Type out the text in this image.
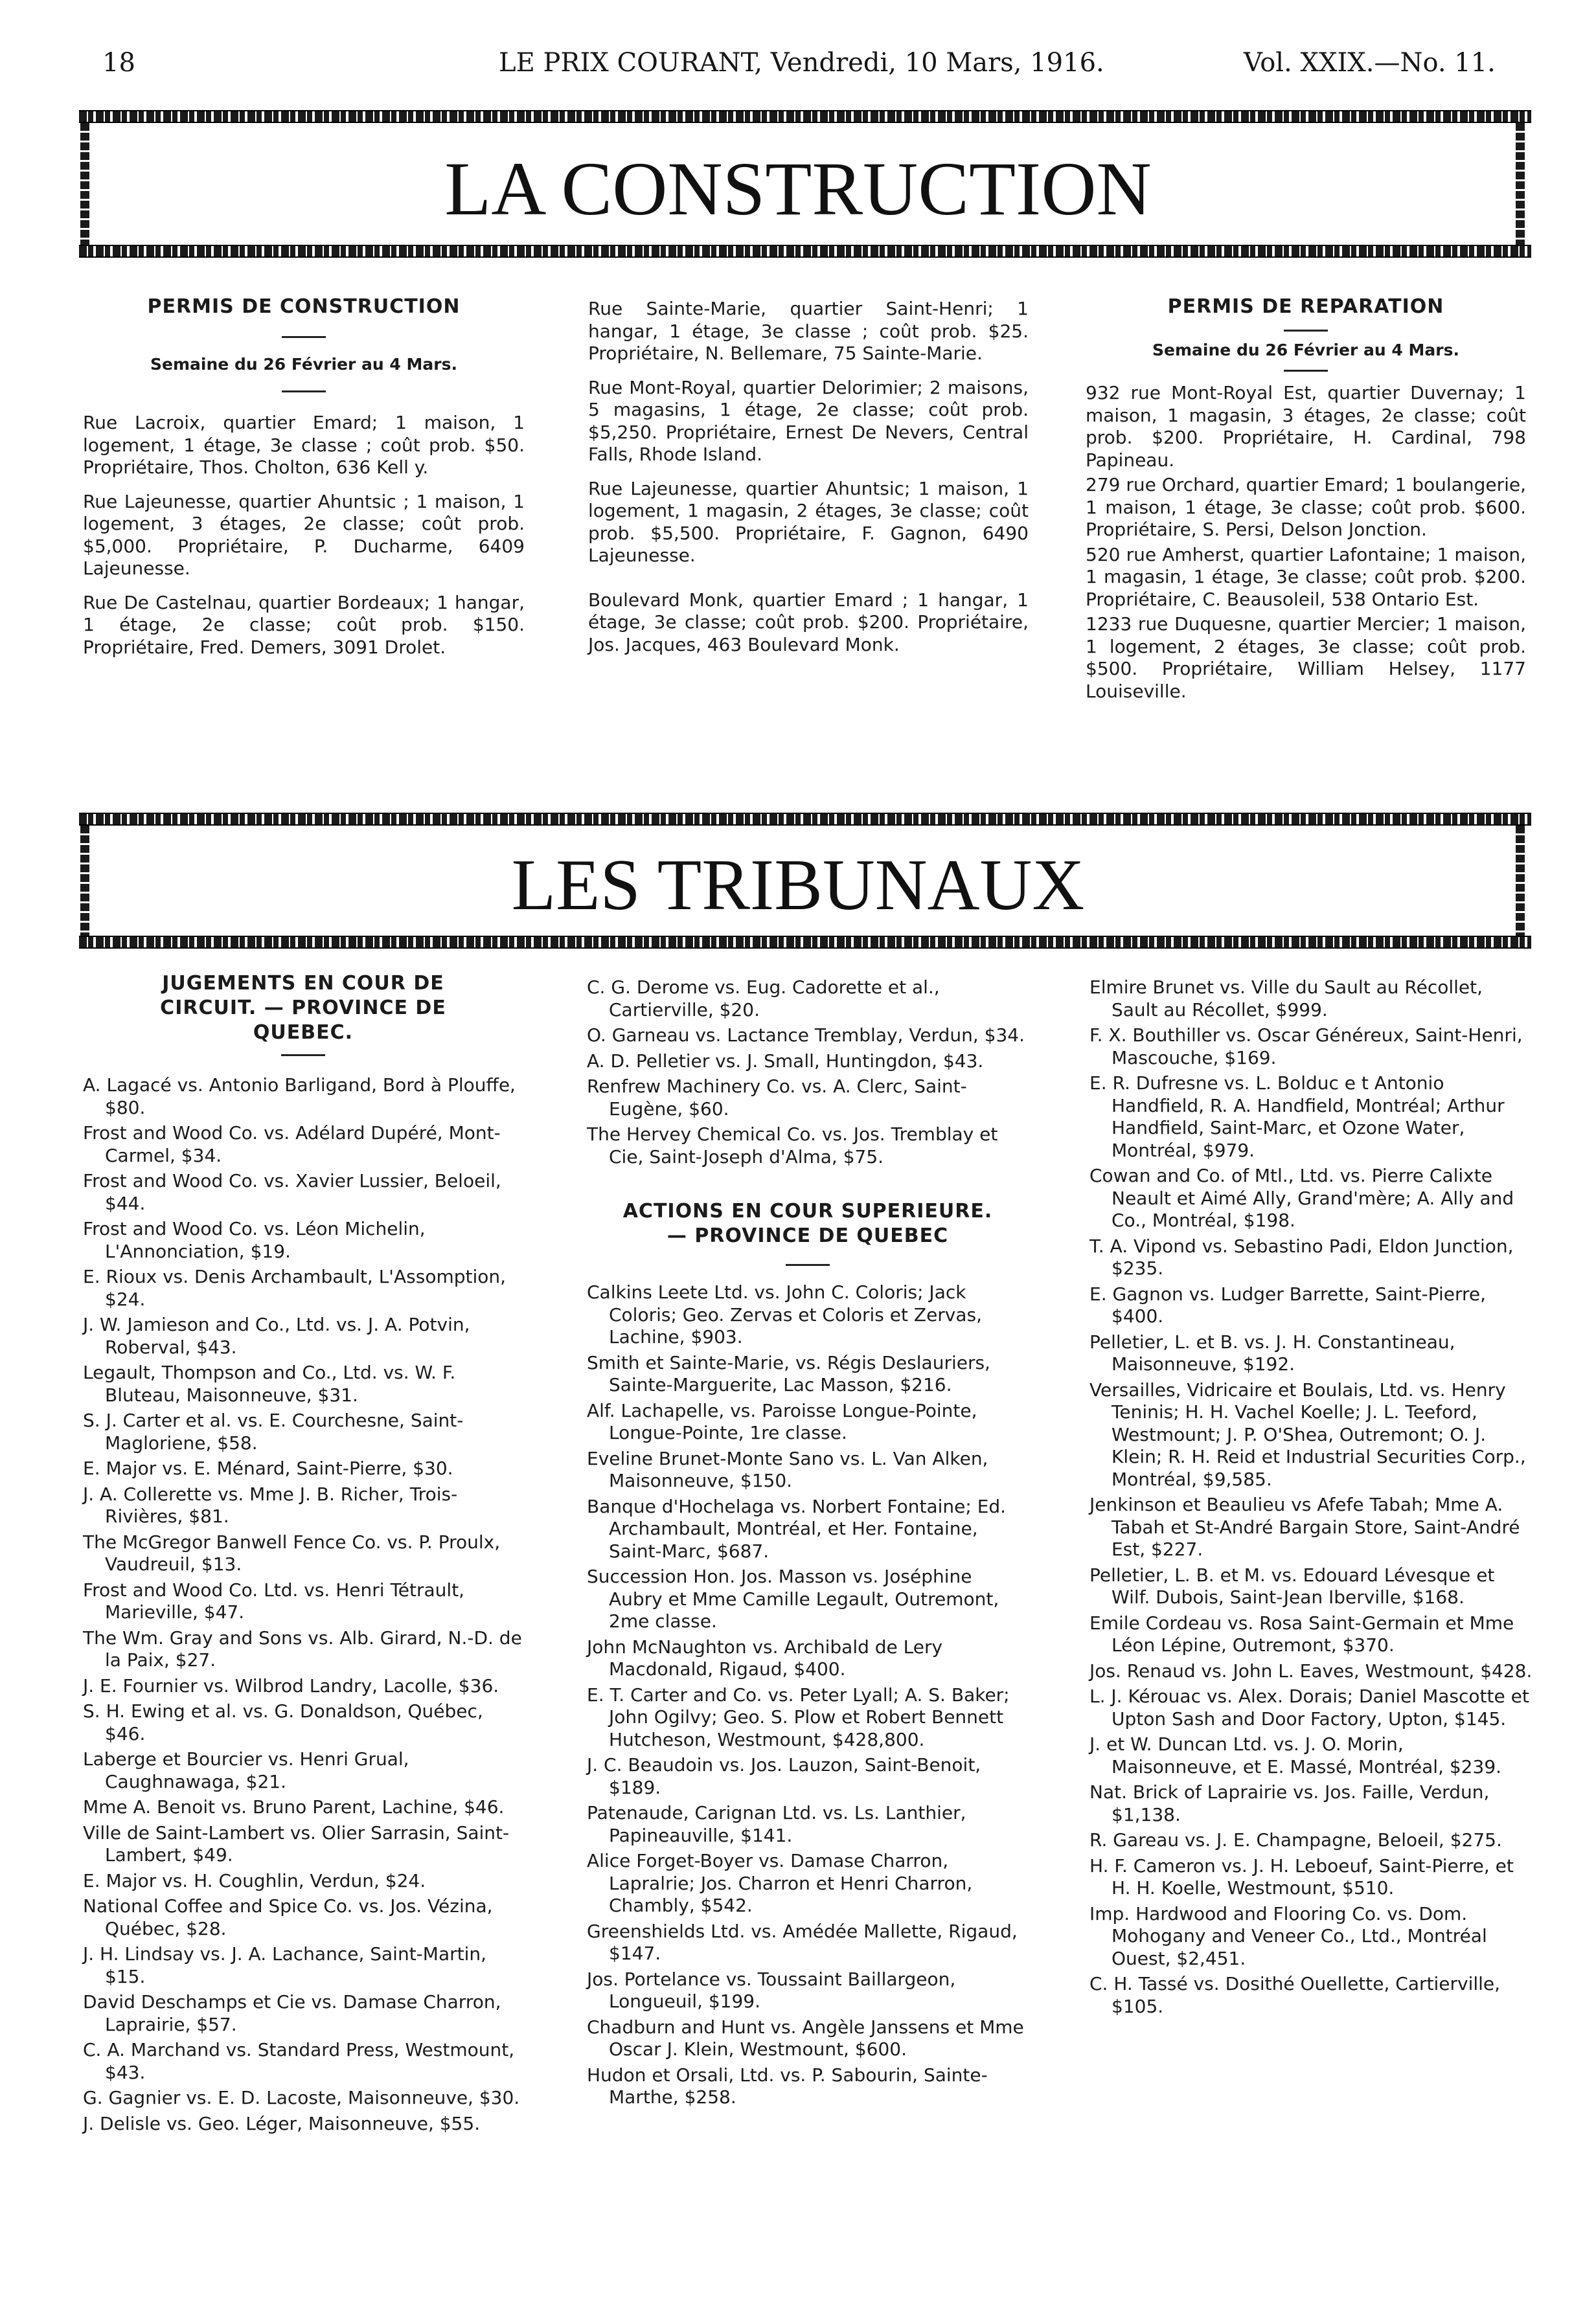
18	LE PRIX COURANT, Vendredi, 10 Mars, 1916.	Vol. XXIX.—No. 11.
LA CONSTRUCTION
PERMIS DE CONSTRUCTION
Semaine du 26 Février au 4 Mars.
Rue Lacroix, quartier Emard; 1 maison, 1 logement, 1 étage, 3e classe ; coût prob. $50. Propriétaire, Thos. Cholton, 636 Kell y.
Rue Lajeunesse, quartier Ahuntsic ; 1 maison, 1 logement, 3 étages, 2e classe; coût prob. $5,000. Propriétaire, P. Ducharme, 6409 Lajeunesse.
Rue De Castelnau, quartier Bordeaux; 1 hangar, 1 étage, 2e classe; coût prob. $150. Propriétaire, Fred. Demers, 3091 Drolet.
Rue Sainte-Marie, quartier Saint-Henri; 1 hangar, 1 étage, 3e classe ; coût prob. $25. Propriétaire, N. Bellemare, 75 Sainte-Marie.
Rue Mont-Royal, quartier Delorimier; 2 maisons, 5 magasins, 1 étage, 2e classe; coût prob. $5,250. Propriétaire, Ernest De Nevers, Central Falls, Rhode Island.
Rue Lajeunesse, quartier Ahuntsic; 1 maison, 1 logement, 1 magasin, 2 étages, 3e classe; coût prob. $5,500. Propriétaire, F. Gagnon, 6490 Lajeunesse.
Boulevard Monk, quartier Emard ; 1 hangar, 1 étage, 3e classe; coût prob. $200. Propriétaire, Jos. Jacques, 463 Boulevard Monk.
PERMIS DE REPARATION
Semaine du 26 Février au 4 Mars.
932 rue Mont-Royal Est, quartier Duvernay; 1 maison, 1 magasin, 3 étages, 2e classe; coût prob. $200. Propriétaire, H. Cardinal, 798 Papineau.
279 rue Orchard, quartier Emard; 1 boulangerie, 1 maison, 1 étage, 3e classe; coût prob. $600. Propriétaire, S. Persi, Delson Jonction.
520 rue Amherst, quartier Lafontaine; 1 maison, 1 magasin, 1 étage, 3e classe; coût prob. $200. Propriétaire, C. Beausoleil, 538 Ontario Est.
1233 rue Duquesne, quartier Mercier; 1 maison, 1 logement, 2 étages, 3e classe; coût prob. $500. Propriétaire, William Helsey, 1177 Louiseville.
LES TRIBUNAUX
JUGEMENTS EN COUR DE CIRCUIT. — PROVINCE DE QUEBEC.
A. Lagacé vs. Antonio Barligand, Bord à Plouffe, $80.
Frost and Wood Co. vs. Adélard Dupéré, Mont-Carmel, $34.
Frost and Wood Co. vs. Xavier Lussier, Beloeil, $44.
Frost and Wood Co. vs. Léon Michelin, L'Annonciation, $19.
E. Rioux vs. Denis Archambault, L'Assomption, $24.
J. W. Jamieson and Co., Ltd. vs. J. A. Potvin, Roberval, $43.
Legault, Thompson and Co., Ltd. vs. W. F. Bluteau, Maisonneuve, $31.
S. J. Carter et al. vs. E. Courchesne, Saint-Magloriene, $58.
E. Major vs. E. Ménard, Saint-Pierre, $30.
J. A. Collerette vs. Mme J. B. Richer, Trois-Rivières, $81.
The McGregor Banwell Fence Co. vs. P. Proulx, Vaudreuil, $13.
Frost and Wood Co. Ltd. vs. Henri Tétrault, Marieville, $47.
The Wm. Gray and Sons vs. Alb. Girard, N.-D. de la Paix, $27.
J. E. Fournier vs. Wilbrod Landry, Lacolle, $36.
S. H. Ewing et al. vs. G. Donaldson, Québec, $46.
Laberge et Bourcier vs. Henri Grual, Caughnawaga, $21.
Mme A. Benoit vs. Bruno Parent, Lachine, $46.
Ville de Saint-Lambert vs. Olier Sarrasin, Saint-Lambert, $49.
E. Major vs. H. Coughlin, Verdun, $24.
National Coffee and Spice Co. vs. Jos. Vézina, Québec, $28.
J. H. Lindsay vs. J. A. Lachance, Saint-Martin, $15.
David Deschamps et Cie vs. Damase Charron, Laprairie, $57.
C. A. Marchand vs. Standard Press, Westmount, $43.
G. Gagnier vs. E. D. Lacoste, Maisonneuve, $30.
J. Delisle vs. Geo. Léger, Maisonneuve, $55.
C. G. Derome vs. Eug. Cadorette et al., Cartierville, $20.
O. Garneau vs. Lactance Tremblay, Verdun, $34.
A. D. Pelletier vs. J. Small, Huntingdon, $43.
Renfrew Machinery Co. vs. A. Clerc, Saint-Eugène, $60.
The Hervey Chemical Co. vs. Jos. Tremblay et Cie, Saint-Joseph d'Alma, $75.
ACTIONS EN COUR SUPERIEURE. — PROVINCE DE QUEBEC
Calkins Leete Ltd. vs. John C. Coloris; Jack Coloris; Geo. Zervas et Coloris et Zervas, Lachine, $903.
Smith et Sainte-Marie, vs. Régis Deslauriers, Sainte-Marguerite, Lac Masson, $216.
Alf. Lachapelle, vs. Paroisse Longue-Pointe, Longue-Pointe, 1re classe.
Eveline Brunet-Monte Sano vs. L. Van Alken, Maisonneuve, $150.
Banque d'Hochelaga vs. Norbert Fontaine; Ed. Archambault, Montréal, et Her. Fontaine, Saint-Marc, $687.
Succession Hon. Jos. Masson vs. Joséphine Aubry et Mme Camille Legault, Outremont, 2me classe.
John McNaughton vs. Archibald de Lery Macdonald, Rigaud, $400.
E. T. Carter and Co. vs. Peter Lyall; A. S. Baker; John Ogilvy; Geo. S. Plow et Robert Bennett Hutcheson, Westmount, $428,800.
J. C. Beaudoin vs. Jos. Lauzon, Saint-Benoit, $189.
Patenaude, Carignan Ltd. vs. Ls. Lanthier, Papineauville, $141.
Alice Forget-Boyer vs. Damase Charron, Lapralrie; Jos. Charron et Henri Charron, Chambly, $542.
Greenshields Ltd. vs. Amédée Mallette, Rigaud, $147.
Jos. Portelance vs. Toussaint Baillargeon, Longueuil, $199.
Chadburn and Hunt vs. Angèle Janssens et Mme Oscar J. Klein, Westmount, $600.
Hudon et Orsali, Ltd. vs. P. Sabourin, Sainte-Marthe, $258.
Elmire Brunet vs. Ville du Sault au Récollet, Sault au Récollet, $999.
F. X. Bouthiller vs. Oscar Généreux, Saint-Henri, Mascouche, $169.
E. R. Dufresne vs. L. Bolduc e t Antonio Handfield, R. A. Handfield, Montréal; Arthur Handfield, Saint-Marc, et Ozone Water, Montréal, $979.
Cowan and Co. of Mtl., Ltd. vs. Pierre Calixte Neault et Aimé Ally, Grand'mère; A. Ally and Co., Montréal, $198.
T. A. Vipond vs. Sebastino Padi, Eldon Junction, $235.
E. Gagnon vs. Ludger Barrette, Saint-Pierre, $400.
Pelletier, L. et B. vs. J. H. Constantineau, Maisonneuve, $192.
Versailles, Vidricaire et Boulais, Ltd. vs. Henry Teninis; H. H. Vachel Koelle; J. L. Teeford, Westmount; J. P. O'Shea, Outremont; O. J. Klein; R. H. Reid et Industrial Securities Corp., Montréal, $9,585.
Jenkinson et Beaulieu vs Afefe Tabah; Mme A. Tabah et St-André Bargain Store, Saint-André Est, $227.
Pelletier, L. B. et M. vs. Edouard Lévesque et Wilf. Dubois, Saint-Jean Iberville, $168.
Emile Cordeau vs. Rosa Saint-Germain et Mme Léon Lépine, Outremont, $370.
Jos. Renaud vs. John L. Eaves, Westmount, $428.
L. J. Kérouac vs. Alex. Dorais; Daniel Mascotte et Upton Sash and Door Factory, Upton, $145.
J. et W. Duncan Ltd. vs. J. O. Morin, Maisonneuve, et E. Massé, Montréal, $239.
Nat. Brick of Laprairie vs. Jos. Faille, Verdun, $1,138.
R. Gareau vs. J. E. Champagne, Beloeil, $275.
H. F. Cameron vs. J. H. Leboeuf, Saint-Pierre, et H. H. Koelle, Westmount, $510.
Imp. Hardwood and Flooring Co. vs. Dom. Mohogany and Veneer Co., Ltd., Montréal Ouest, $2,451.
C. H. Tassé vs. Dosithé Ouellette, Cartierville, $105.
